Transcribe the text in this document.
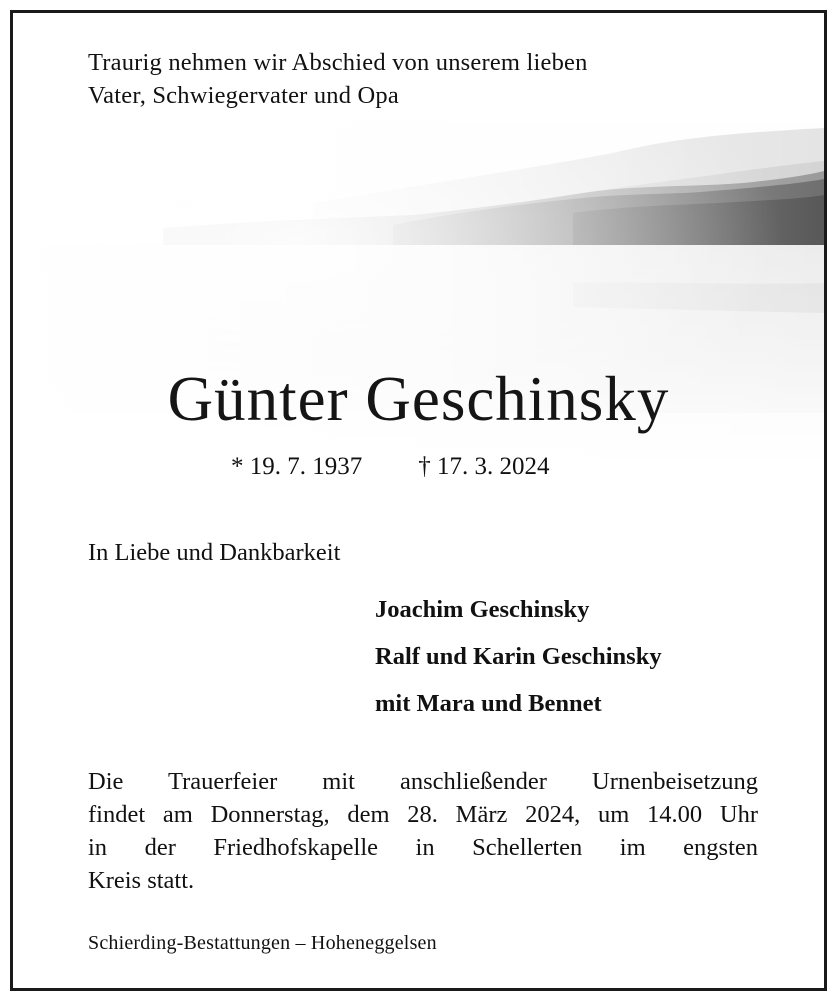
Traurig nehmen wir Abschied von unserem lieben
Vater, Schwiegervater und Opa
Günter Geschinsky
* 19. 7. 1937 † 17. 3. 2024
In Liebe und Dankbarkeit
Joachim Geschinsky
Ralf und Karin Geschinsky
mit Mara und Bennet
Die Trauerfeier mit anschließender Urnenbeisetzung
findet am Donnerstag, dem 28. März 2024, um 14.00 Uhr
in der Friedhofskapelle in Schellerten im engsten
Kreis statt.
Schierding-Bestattungen – Hoheneggelsen
